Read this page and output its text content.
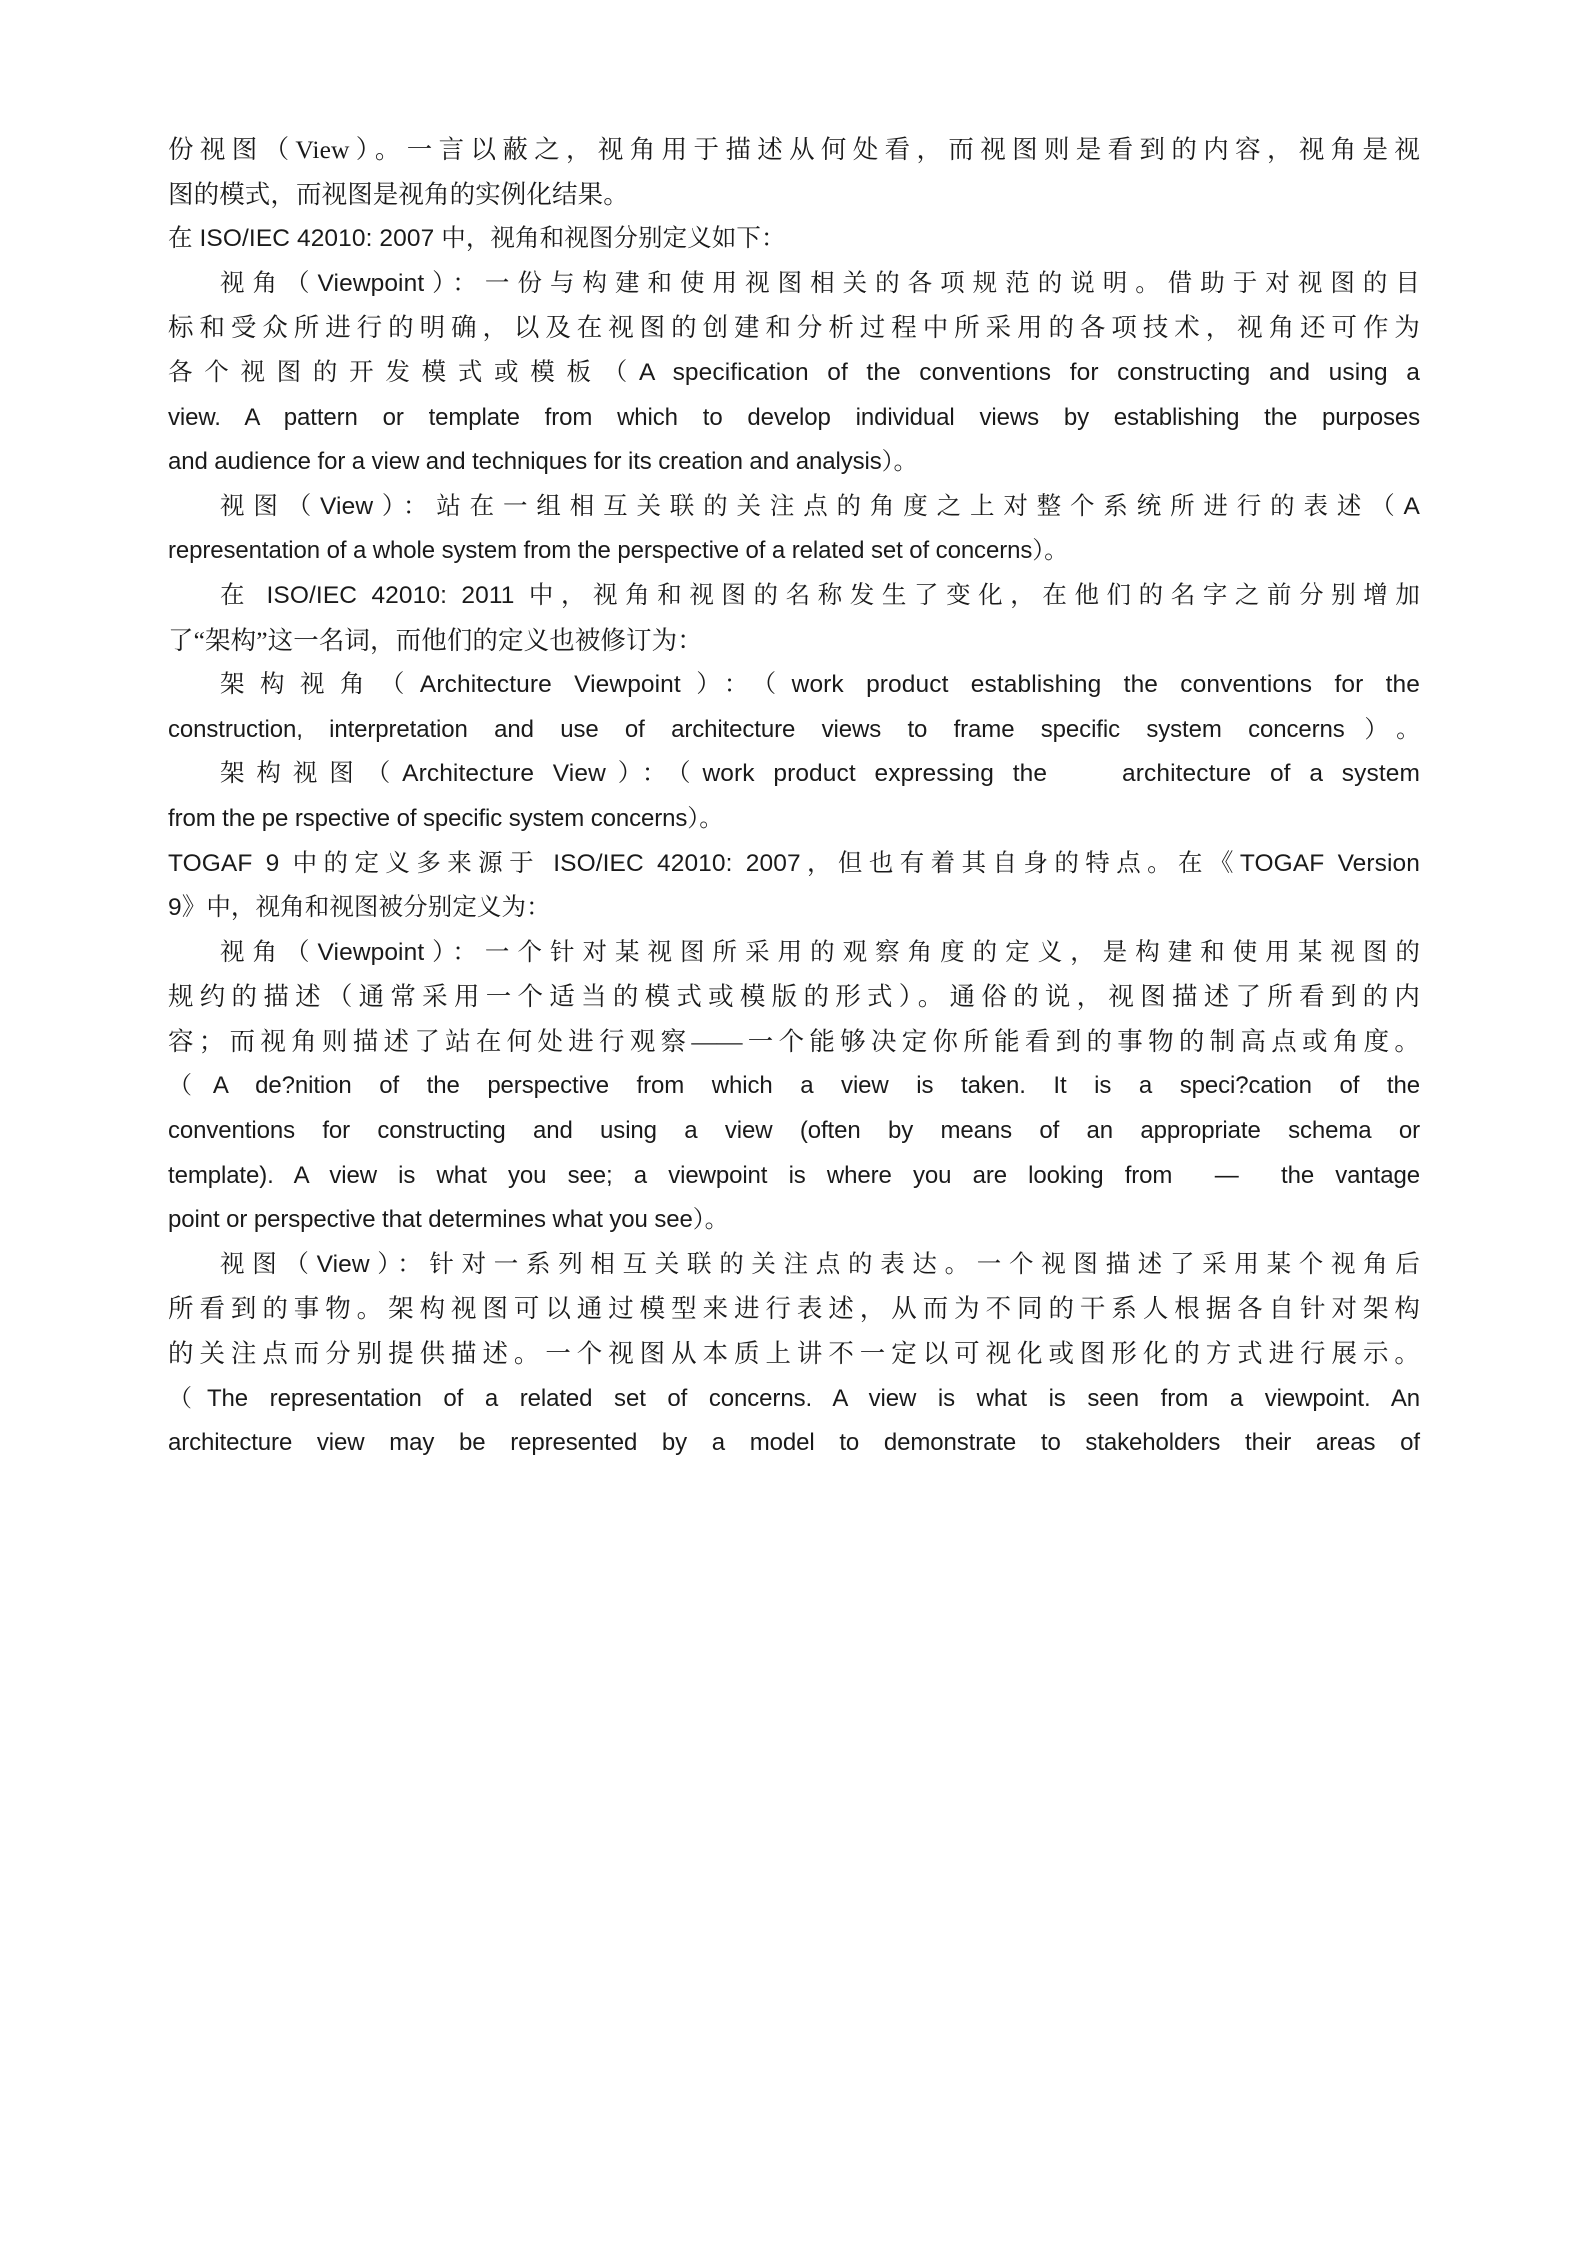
份视图（View）。一言以蔽之，视角用于描述从何处看，而视图则是看到的内容，视角是视
图的模式，而视图是视角的实例化结果。
在 ISO/IEC 42010: 2007 中，视角和视图分别定义如下：
视角（Viewpoint）：一份与构建和使用视图相关的各项规范的说明。借助于对视图的目
标和受众所进行的明确，以及在视图的创建和分析过程中所采用的各项技术，视角还可作为
各个视图的开发模式或模板（A specification of the conventions for constructing and using a
view. A pattern or template from which to develop individual views by establishing the purposes
and audience for a view and techniques for its creation and analysis）。
视图（View）：站在一组相互关联的关注点的角度之上对整个系统所进行的表述（A
representation of a whole system from the perspective of a related set of concerns）。
在 ISO/IEC 42010: 2011 中，视角和视图的名称发生了变化，在他们的名字之前分别增加
了“架构”这一名词，而他们的定义也被修订为：
架构视角（Architecture Viewpoint）：（work product establishing the conventions for the
construction, interpretation and use of architecture views to frame specific system concerns）。
架构视图（Architecture View）：（work product expressing the    architecture of a system
from the pe rspective of specific system concerns）。
TOGAF 9 中的定义多来源于 ISO/IEC 42010: 2007，但也有着其自身的特点。在《TOGAF Version
9》中，视角和视图被分别定义为：
视角（Viewpoint）：一个针对某视图所采用的观察角度的定义，是构建和使用某视图的
规约的描述（通常采用一个适当的模式或模版的形式）。通俗的说，视图描述了所看到的内
容；而视角则描述了站在何处进行观察——一个能够决定你所能看到的事物的制高点或角度。
（A de?nition of the perspective from which a view is taken. It is a speci?cation of the
conventions for constructing and using a view (often by means of an appropriate schema or
template). A view is what you see; a viewpoint is where you are looking from  —  the vantage
point or perspective that determines what you see）。
视图（View）：针对一系列相互关联的关注点的表达。一个视图描述了采用某个视角后
所看到的事物。架构视图可以通过模型来进行表述，从而为不同的干系人根据各自针对架构
的关注点而分别提供描述。一个视图从本质上讲不一定以可视化或图形化的方式进行展示。
（The representation of a related set of concerns. A view is what is seen from a viewpoint. An
architecture view may be represented by a model to demonstrate to stakeholders their areas of
